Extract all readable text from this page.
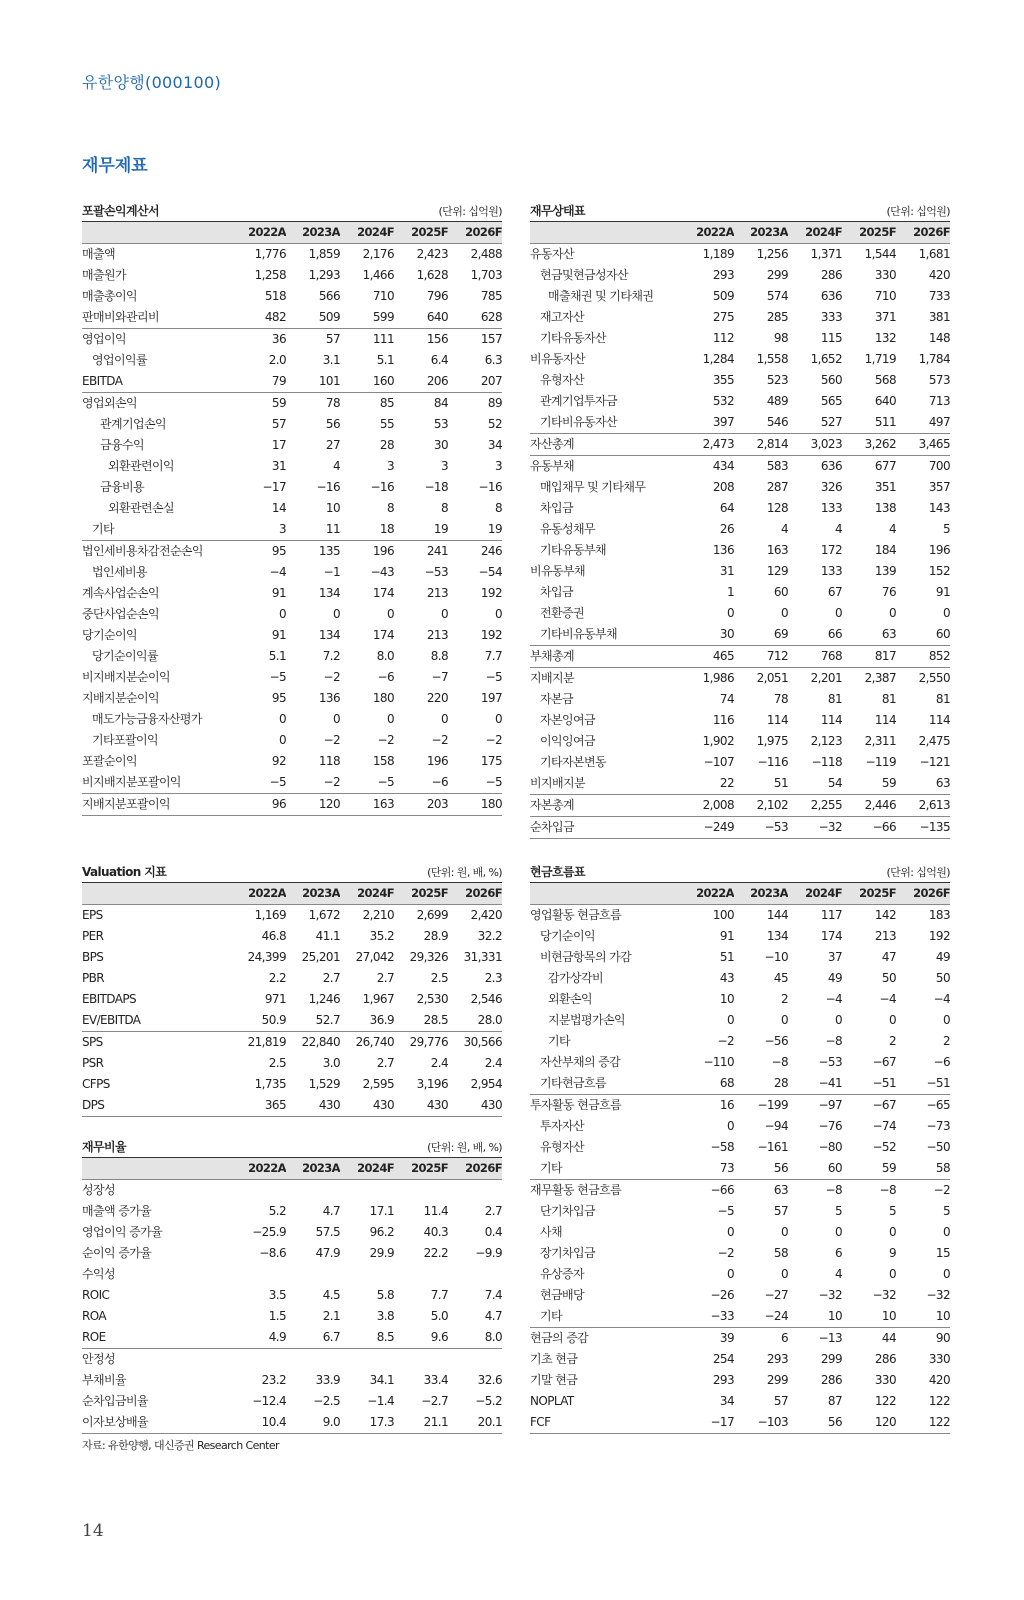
유한양행(000100)
재무제표
포괄손익계산서			(단위: 십억원)		
	2022A	2023A	2024F	2025F	2026F
매출액	1,776	1,859	2,176	2,423	2,488
매출원가	1,258	1,293	1,466	1,628	1,703
매출총이익	518	566	710	796	785
판매비와관리비	482	509	599	640	628
영업이익	36	57	111	156	157
영업이익률	2.0	3.1	5.1	6.4	6.3
EBITDA	79	101	160	206	207
영업외손익	59	78	85	84	89
관계기업손익	57	56	55	53	52
금융수익	17	27	28	30	34
외환관련이익	31	4	3	3	3
금융비용	−17	−16	−16	−18	−16
외환관련손실	14	10	8	8	8
기타	3	11	18	19	19
법인세비용차감전순손익	95	135	196	241	246
법인세비용	−4	−1	−43	−53	−54
계속사업순손익	91	134	174	213	192
중단사업순손익	0	0	0	0	0
당기순이익	91	134	174	213	192
당기순이익률	5.1	7.2	8.0	8.8	7.7
비지배지분순이익	−5	−2	−6	−7	−5
지배지분순이익	95	136	180	220	197
매도가능금융자산평가	0	0	0	0	0
기타포괄이익	0	−2	−2	−2	−2
포괄순이익	92	118	158	196	175
비지배지분포괄이익	−5	−2	−5	−6	−5
지배지분포괄이익	96	120	163	203	180
재무상태표			(단위: 십억원)		
	2022A	2023A	2024F	2025F	2026F
유동자산	1,189	1,256	1,371	1,544	1,681
현금및현금성자산	293	299	286	330	420
매출채권 및 기타채권	509	574	636	710	733
재고자산	275	285	333	371	381
기타유동자산	112	98	115	132	148
비유동자산	1,284	1,558	1,652	1,719	1,784
유형자산	355	523	560	568	573
관계기업투자금	532	489	565	640	713
기타비유동자산	397	546	527	511	497
자산총계	2,473	2,814	3,023	3,262	3,465
유동부채	434	583	636	677	700
매입채무 및 기타채무	208	287	326	351	357
차입금	64	128	133	138	143
유동성채무	26	4	4	4	5
기타유동부채	136	163	172	184	196
비유동부채	31	129	133	139	152
차입금	1	60	67	76	91
전환증권	0	0	0	0	0
기타비유동부채	30	69	66	63	60
부채총계	465	712	768	817	852
지배지분	1,986	2,051	2,201	2,387	2,550
자본금	74	78	81	81	81
자본잉여금	116	114	114	114	114
이익잉여금	1,902	1,975	2,123	2,311	2,475
기타자본변동	−107	−116	−118	−119	−121
비지배지분	22	51	54	59	63
자본총계	2,008	2,102	2,255	2,446	2,613
순차입금	−249	−53	−32	−66	−135
Valuation 지표			(단위: 원, 배, %)		
	2022A	2023A	2024F	2025F	2026F
EPS	1,169	1,672	2,210	2,699	2,420
PER	46.8	41.1	35.2	28.9	32.2
BPS	24,399	25,201	27,042	29,326	31,331
PBR	2.2	2.7	2.7	2.5	2.3
EBITDAPS	971	1,246	1,967	2,530	2,546
EV/EBITDA	50.9	52.7	36.9	28.5	28.0
SPS	21,819	22,840	26,740	29,776	30,566
PSR	2.5	3.0	2.7	2.4	2.4
CFPS	1,735	1,529	2,595	3,196	2,954
DPS	365	430	430	430	430
재무비율			(단위: 원, 배, %)		
	2022A	2023A	2024F	2025F	2026F
성장성					
매출액 증가율	5.2	4.7	17.1	11.4	2.7
영업이익 증가율	−25.9	57.5	96.2	40.3	0.4
순이익 증가율	−8.6	47.9	29.9	22.2	−9.9
수익성					
ROIC	3.5	4.5	5.8	7.7	7.4
ROA	1.5	2.1	3.8	5.0	4.7
ROE	4.9	6.7	8.5	9.6	8.0
안정성					
부채비율	23.2	33.9	34.1	33.4	32.6
순차입금비율	−12.4	−2.5	−1.4	−2.7	−5.2
이자보상배율	10.4	9.0	17.3	21.1	20.1
현금흐름표			(단위: 십억원)		
	2022A	2023A	2024F	2025F	2026F
영업활동 현금흐름	100	144	117	142	183
당기순이익	91	134	174	213	192
비현금항목의 가감	51	−10	37	47	49
감가상각비	43	45	49	50	50
외환손익	10	2	−4	−4	−4
지분법평가손익	0	0	0	0	0
기타	−2	−56	−8	2	2
자산부채의 증감	−110	−8	−53	−67	−6
기타현금흐름	68	28	−41	−51	−51
투자활동 현금흐름	16	−199	−97	−67	−65
투자자산	0	−94	−76	−74	−73
유형자산	−58	−161	−80	−52	−50
기타	73	56	60	59	58
재무활동 현금흐름	−66	63	−8	−8	−2
단기차입금	−5	57	5	5	5
사채	0	0	0	0	0
장기차입금	−2	58	6	9	15
유상증자	0	0	4	0	0
현금배당	−26	−27	−32	−32	−32
기타	−33	−24	10	10	10
현금의 증감	39	6	−13	44	90
기초 현금	254	293	299	286	330
기말 현금	293	299	286	330	420
NOPLAT	34	57	87	122	122
FCF	−17	−103	56	120	122
자료: 유한양행, 대신증권 Research Center
14
